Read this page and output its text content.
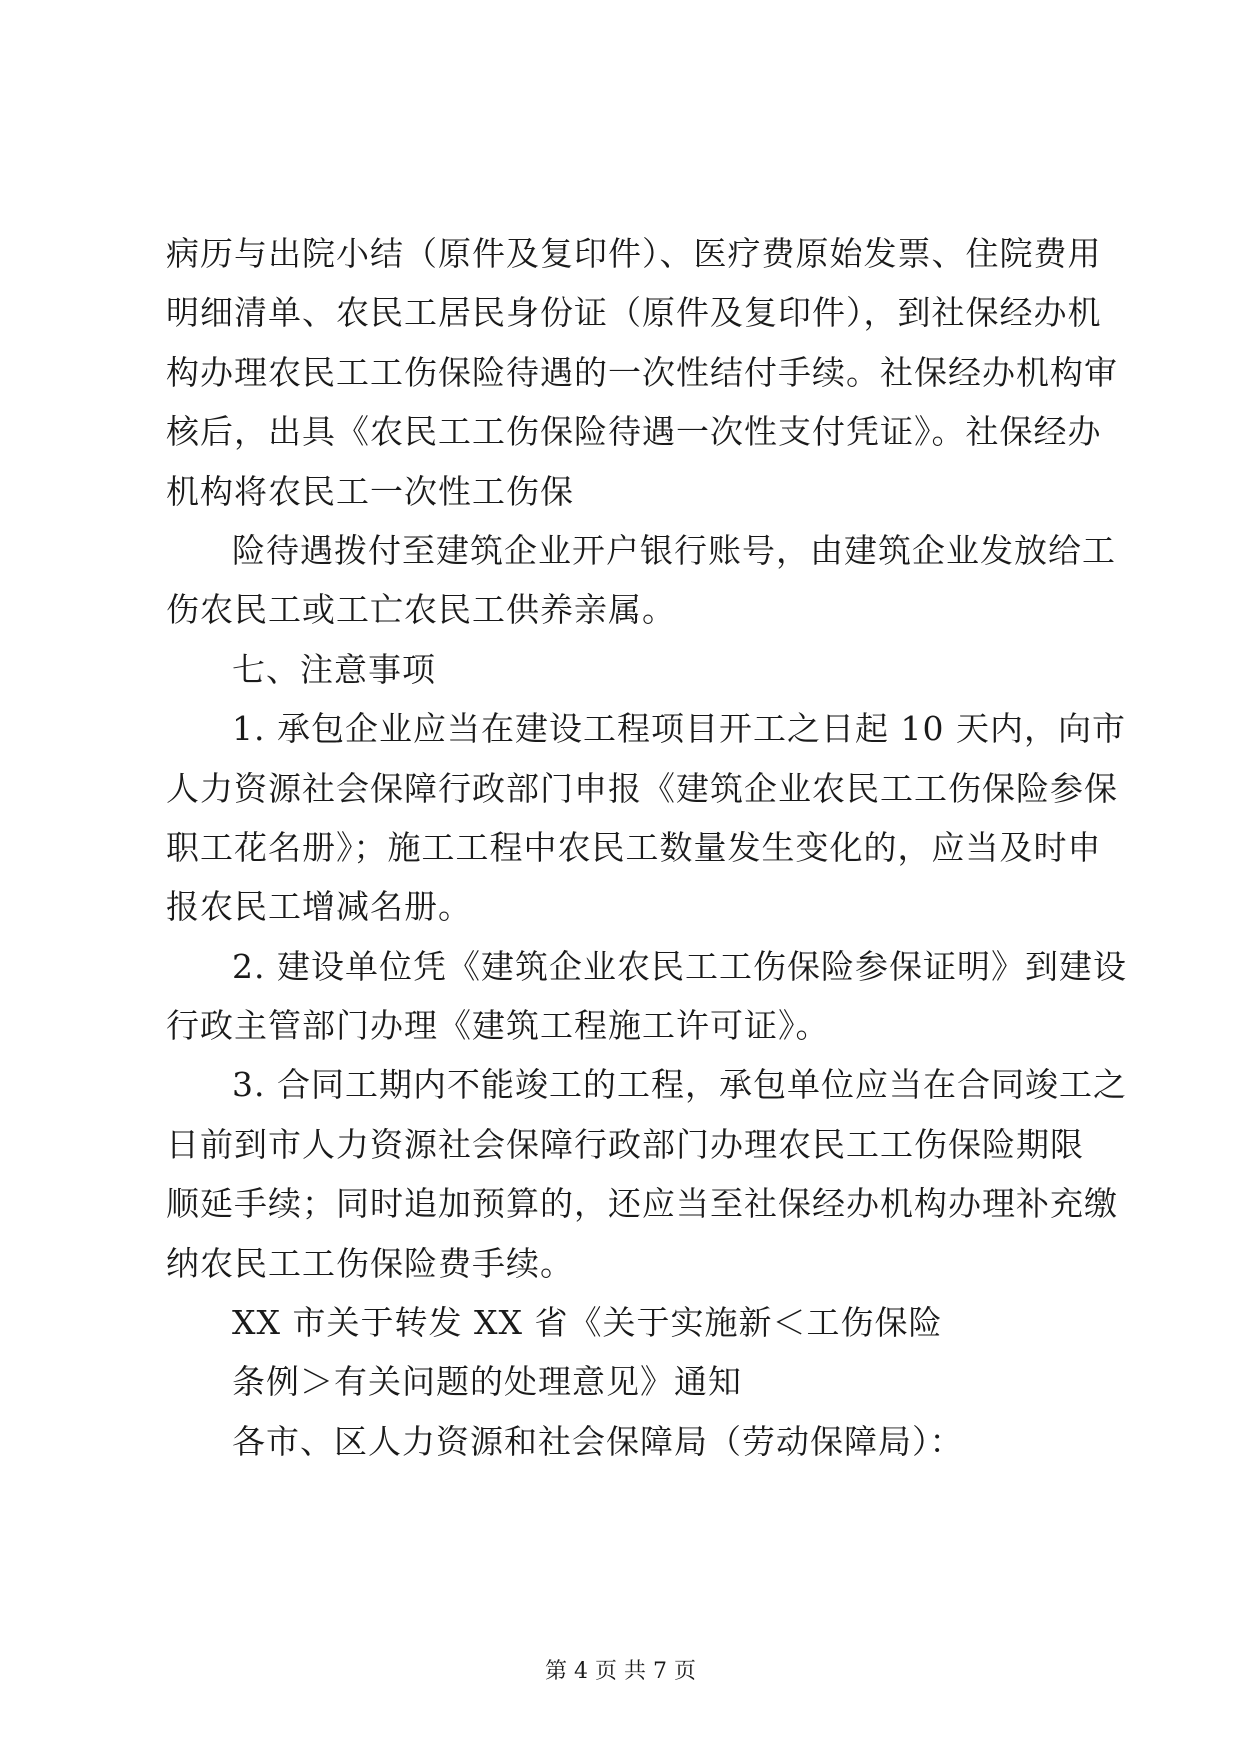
病历与出院小结（原件及复印件）、医疗费原始发票、住院费用
明细清单、农民工居民身份证（原件及复印件），到社保经办机
构办理农民工工伤保险待遇的一次性结付手续。社保经办机构审
核后，出具《农民工工伤保险待遇一次性支付凭证》。社保经办
机构将农民工一次性工伤保
险待遇拨付至建筑企业开户银行账号，由建筑企业发放给工
伤农民工或工亡农民工供养亲属。
七、注意事项
1. 承包企业应当在建设工程项目开工之日起 10 天内，向市
人力资源社会保障行政部门申报《建筑企业农民工工伤保险参保
职工花名册》；施工工程中农民工数量发生变化的，应当及时申
报农民工增减名册。
2. 建设单位凭《建筑企业农民工工伤保险参保证明》到建设
行政主管部门办理《建筑工程施工许可证》。
3. 合同工期内不能竣工的工程，承包单位应当在合同竣工之
日前到市人力资源社会保障行政部门办理农民工工伤保险期限
顺延手续；同时追加预算的，还应当至社保经办机构办理补充缴
纳农民工工伤保险费手续。
XX 市关于转发 XX 省《关于实施新＜工伤保险
条例＞有关问题的处理意见》通知
各市、区人力资源和社会保障局（劳动保障局）：
第 4 页 共 7 页
